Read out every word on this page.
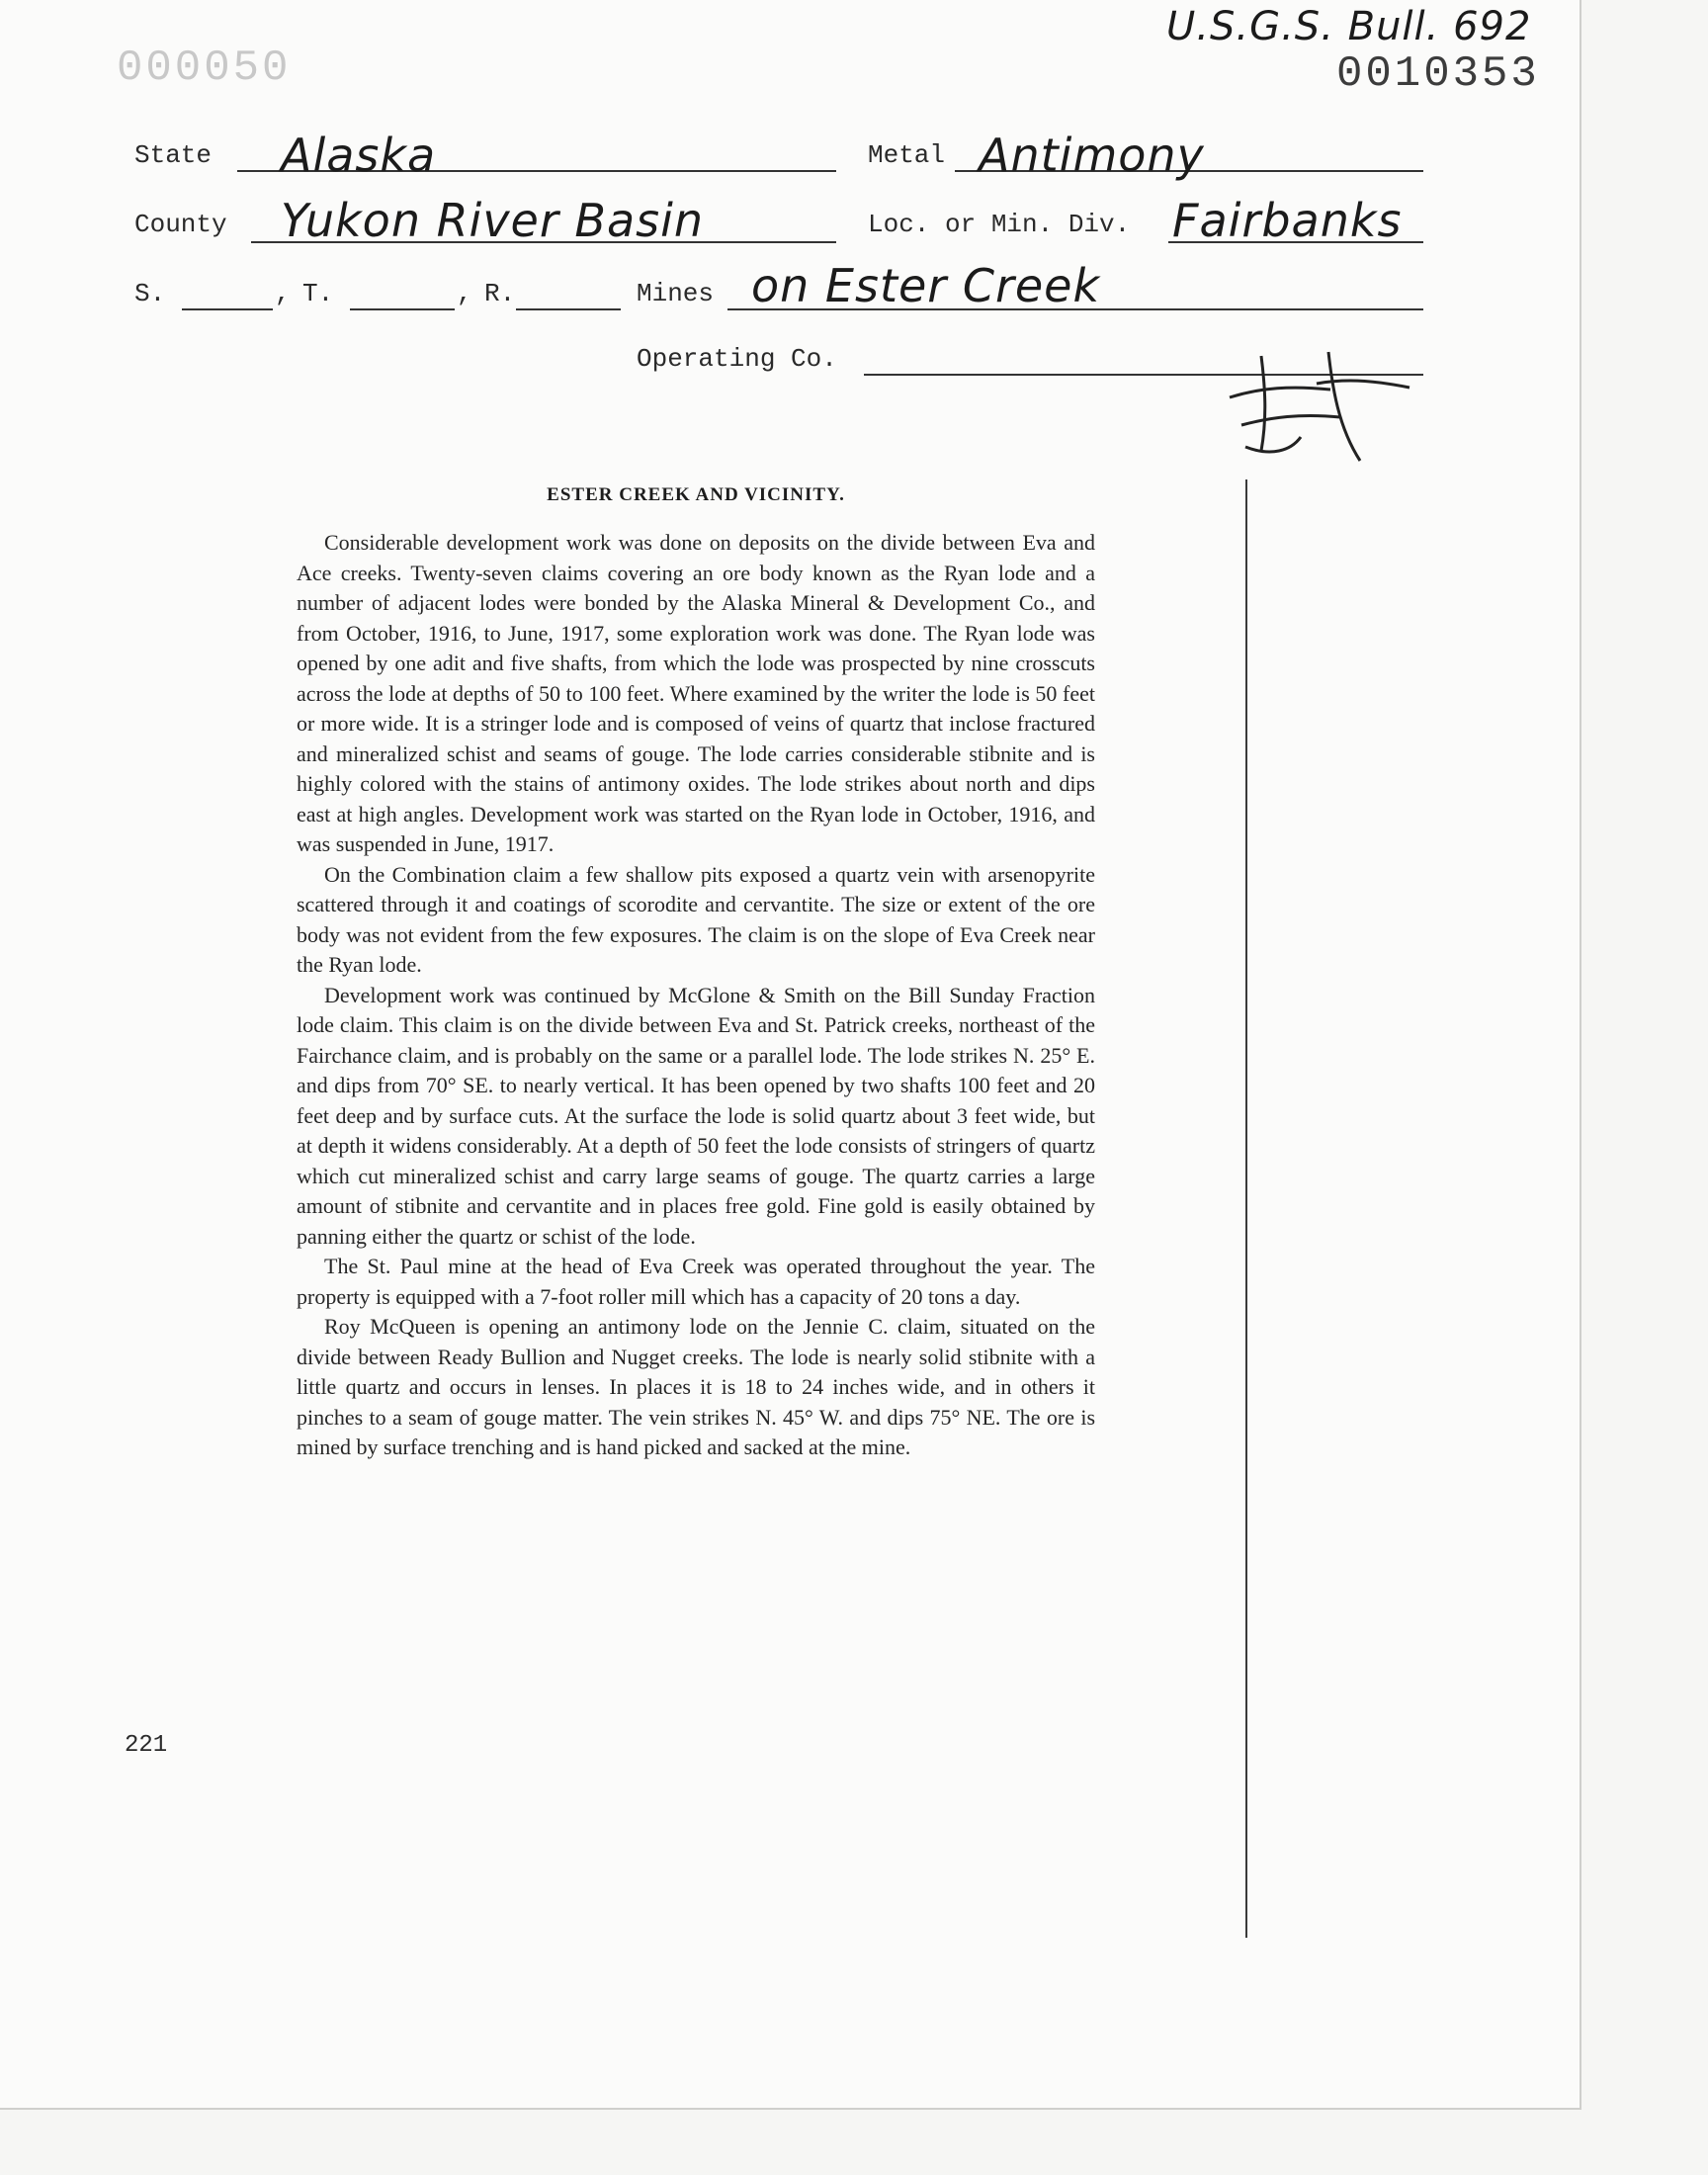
U.S.G.S. Bull. 692
0010353
000050
State Alaska	Metal Antimony
County Yukon River Basin	Loc. or Min. Div. Fairbanks
S.	, T.	, R.	Mines on Ester Creek
Operating Co.
ESTER CREEK AND VICINITY.

Considerable development work was done on deposits on the divide between Eva and Ace creeks. Twenty-seven claims covering an ore body known as the Ryan lode and a number of adjacent lodes were bonded by the Alaska Mineral & Development Co., and from October, 1916, to June, 1917, some exploration work was done. The Ryan lode was opened by one adit and five shafts, from which the lode was prospected by nine crosscuts across the lode at depths of 50 to 100 feet. Where examined by the writer the lode is 50 feet or more wide. It is a stringer lode and is composed of veins of quartz that inclose fractured and mineralized schist and seams of gouge. The lode carries considerable stibnite and is highly colored with the stains of antimony oxides. The lode strikes about north and dips east at high angles. Development work was started on the Ryan lode in October, 1916, and was suspended in June, 1917.

On the Combination claim a few shallow pits exposed a quartz vein with arsenopyrite scattered through it and coatings of scorodite and cervantite. The size or extent of the ore body was not evident from the few exposures. The claim is on the slope of Eva Creek near the Ryan lode.

Development work was continued by McGlone & Smith on the Bill Sunday Fraction lode claim. This claim is on the divide between Eva and St. Patrick creeks, northeast of the Fairchance claim, and is probably on the same or a parallel lode. The lode strikes N. 25° E. and dips from 70° SE. to nearly vertical. It has been opened by two shafts 100 feet and 20 feet deep and by surface cuts. At the surface the lode is solid quartz about 3 feet wide, but at depth it widens considerably. At a depth of 50 feet the lode consists of stringers of quartz which cut mineralized schist and carry large seams of gouge. The quartz carries a large amount of stibnite and cervantite and in places free gold. Fine gold is easily obtained by panning either the quartz or schist of the lode.

The St. Paul mine at the head of Eva Creek was operated throughout the year. The property is equipped with a 7-foot roller mill which has a capacity of 20 tons a day.

Roy McQueen is opening an antimony lode on the Jennie C. claim, situated on the divide between Ready Bullion and Nugget creeks. The lode is nearly solid stibnite with a little quartz and occurs in lenses. In places it is 18 to 24 inches wide, and in others it pinches to a seam of gouge matter. The vein strikes N. 45° W. and dips 75° NE. The ore is mined by surface trenching and is hand picked and sacked at the mine.

221
